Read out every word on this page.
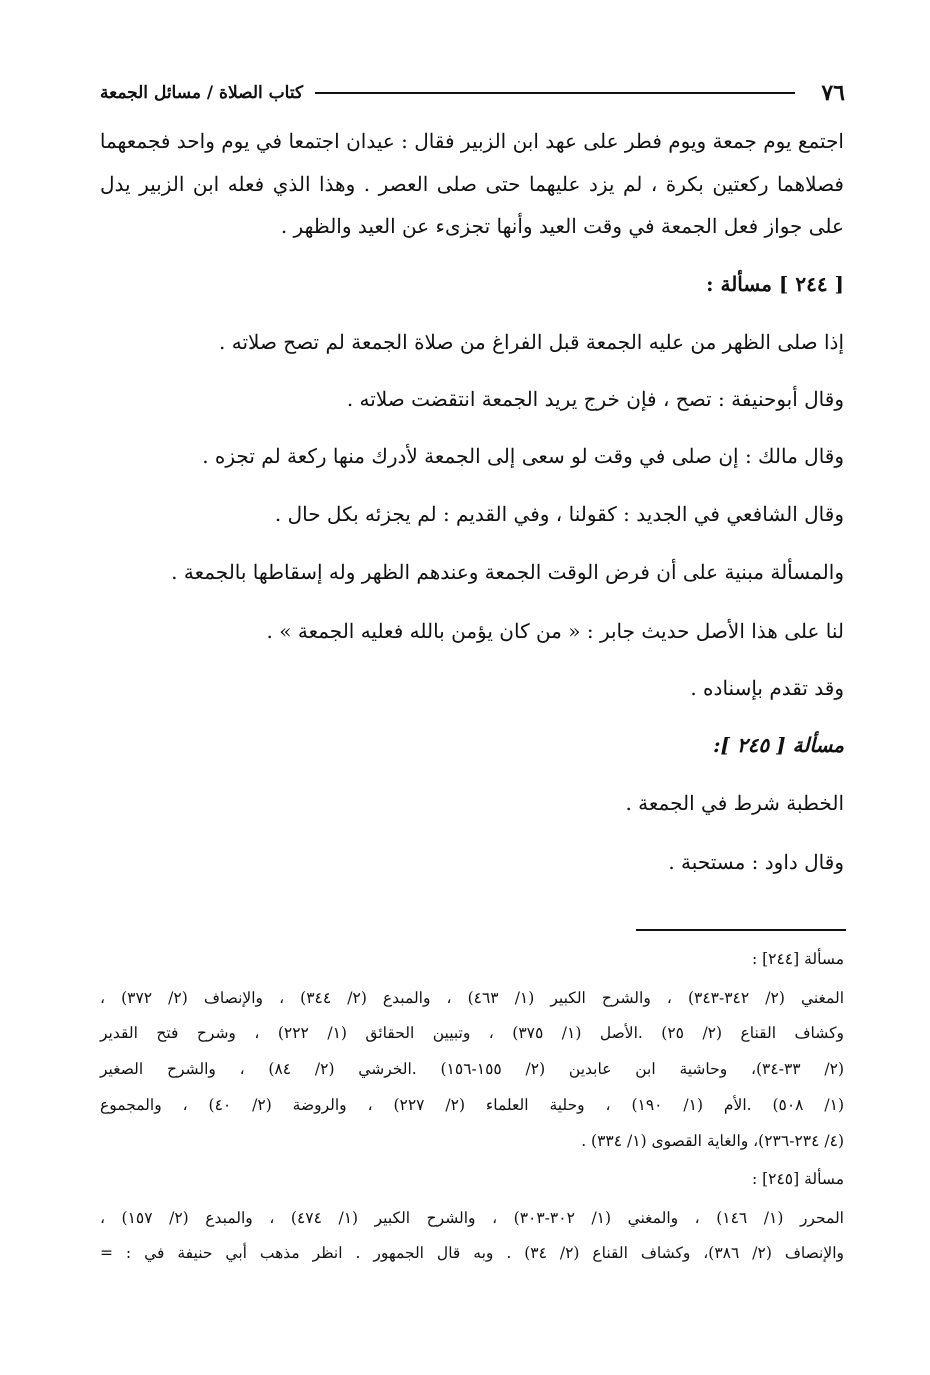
٧٦
كتاب الصلاة / مسائل الجمعة
اجتمع يوم جمعة ويوم فطر على عهد ابن الزبير فقال : عيدان اجتمعا في يوم واحد فجمعهما
فصلاهما ركعتين بكرة ، لم يزد عليهما حتى صلى العصر . وهذا الذي فعله ابن الزبير يدل
على جواز فعل الجمعة في وقت العيد وأنها تجزىء عن العيد والظهر .
[ ٢٤٤ ] مسألة :
إذا صلى الظهر من عليه الجمعة قبل الفراغ من صلاة الجمعة لم تصح صلاته .
وقال أبوحنيفة : تصح ، فإن خرج يريد الجمعة انتقضت صلاته .
وقال مالك : إن صلى في وقت لو سعى إلى الجمعة لأدرك منها ركعة لم تجزه .
وقال الشافعي في الجديد : كقولنا ، وفي القديم : لم يجزئه بكل حال .
والمسألة مبنية على أن فرض الوقت الجمعة وعندهم الظهر وله إسقاطها بالجمعة .
لنا على هذا الأصل حديث جابر : « من كان يؤمن بالله فعليه الجمعة » .
وقد تقدم بإسناده .
مسألة [ ٢٤٥ ]:
الخطبة شرط في الجمعة .
وقال داود : مستحبة .
مسألة [٢٤٤] :
المغني (٢/ ٣٤٢-٣٤٣) ، والشرح الكبير (١/ ٤٦٣) ، والمبدع (٢/ ٣٤٤) ، والإنصاف (٢/ ٣٧٢) ،
وكشاف القناع (٢/ ٢٥) .الأصل (١/ ٣٧٥) ، وتبيين الحقائق (١/ ٢٢٢) ، وشرح فتح القدير
(٢/ ٣٣-٣٤)، وحاشية ابن عابدين (٢/ ١٥٥-١٥٦) .الخرشي (٢/ ٨٤) ، والشرح الصغير
(١/ ٥٠٨) .الأم (١/ ١٩٠) ، وحلية العلماء (٢/ ٢٢٧) ، والروضة (٢/ ٤٠) ، والمجموع
(٤/ ٢٣٤-٢٣٦)، والغاية القصوى (١/ ٣٣٤) .
مسألة [٢٤٥] :
المحرر (١/ ١٤٦) ، والمغني (١/ ٣٠٢-٣٠٣) ، والشرح الكبير (١/ ٤٧٤) ، والمبدع (٢/ ١٥٧) ،
والإنصاف (٢/ ٣٨٦)، وكشاف القناع (٢/ ٣٤) . وبه قال الجمهور . انظر مذهب أبي حنيفة في : =
